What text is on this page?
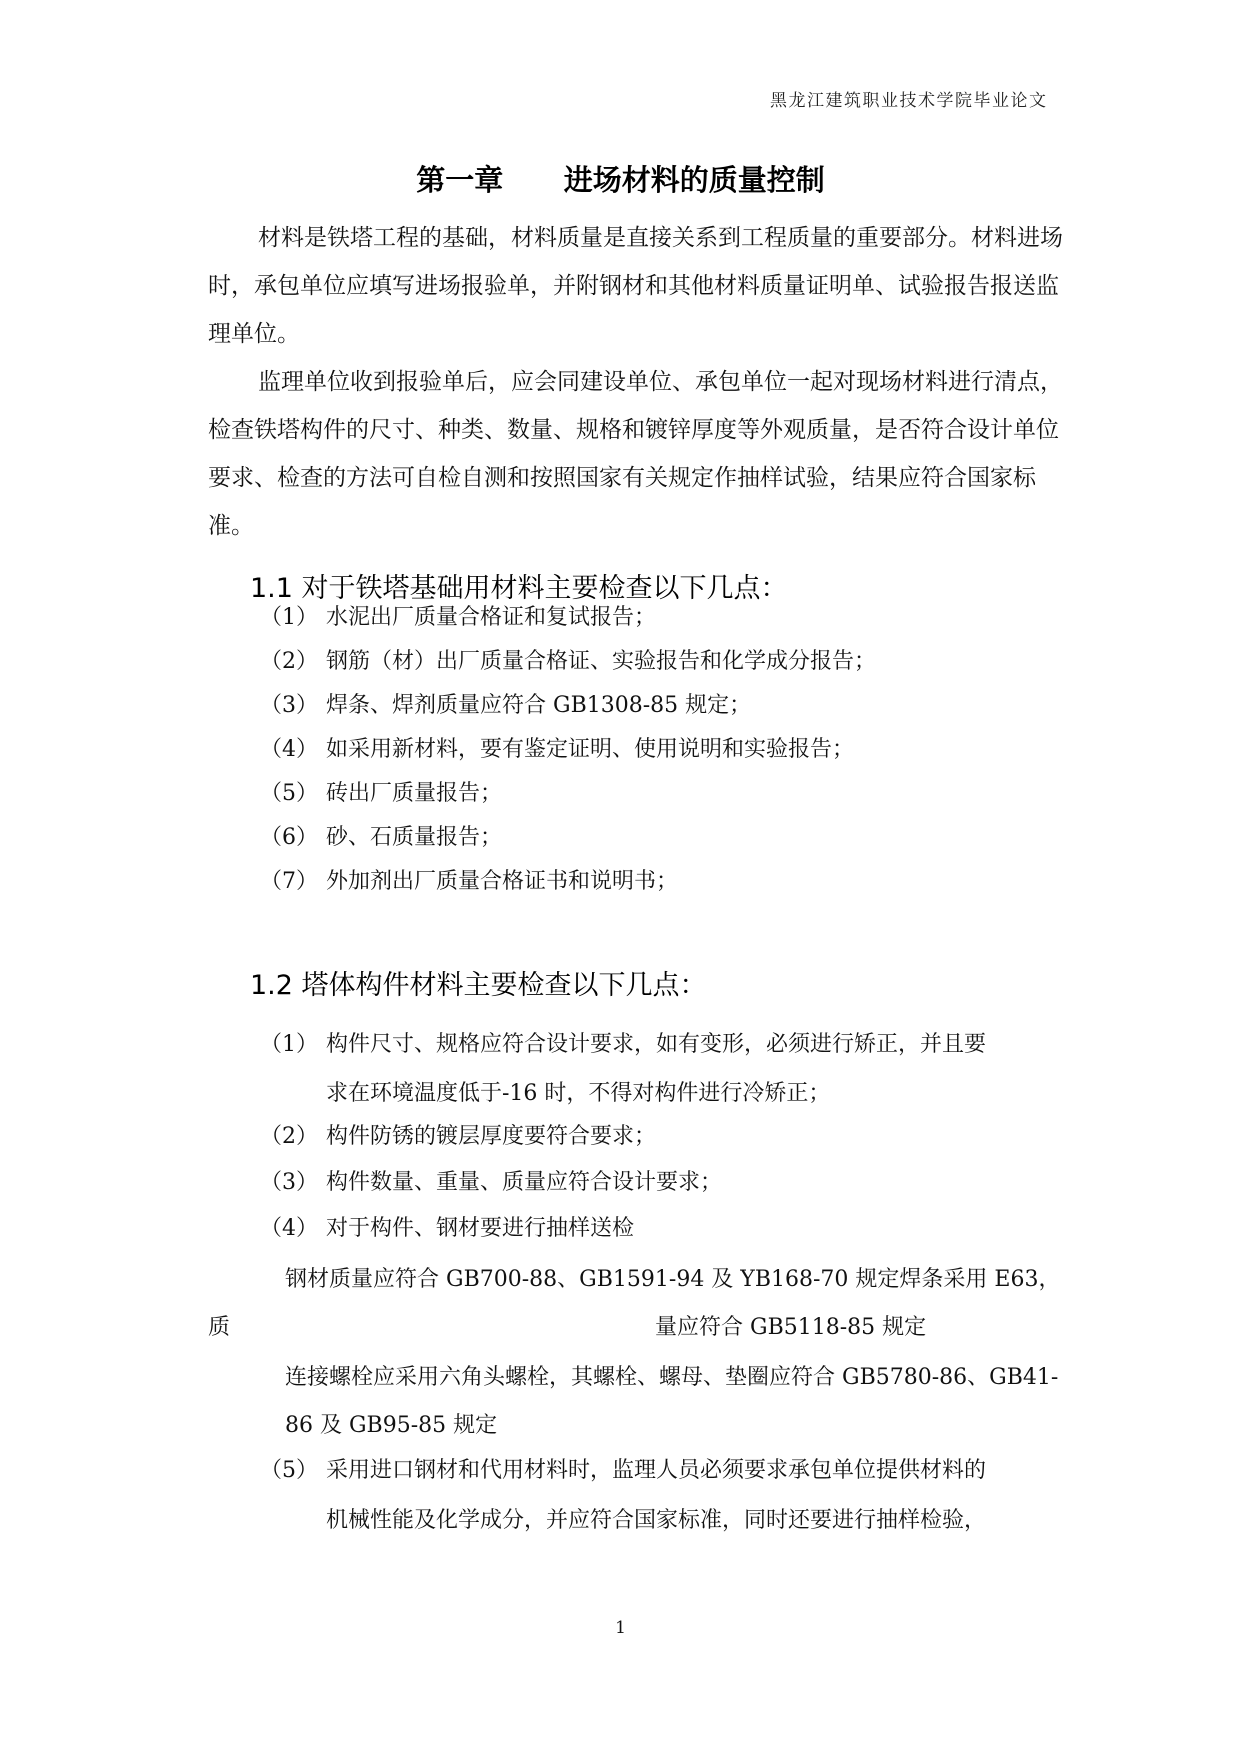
黑龙江建筑职业技术学院毕业论文
第一章 进场材料的质量控制

材料是铁塔工程的基础，材料质量是直接关系到工程质量的重要部分。材料进场时，承包单位应填写进场报验单，并附钢材和其他材料质量证明单、试验报告报送监理单位。

监理单位收到报验单后，应会同建设单位、承包单位一起对现场材料进行清点，检查铁塔构件的尺寸、种类、数量、规格和镀锌厚度等外观质量，是否符合设计单位要求、检查的方法可自检自测和按照国家有关规定作抽样试验，结果应符合国家标准。

1.1 对于铁塔基础用材料主要检查以下几点：
（1） 水泥出厂质量合格证和复试报告；
（2） 钢筋（材）出厂质量合格证、实验报告和化学成分报告；
（3） 焊条、焊剂质量应符合 GB1308-85 规定；
（4） 如采用新材料，要有鉴定证明、使用说明和实验报告；
（5） 砖出厂质量报告；
（6） 砂、石质量报告；
（7） 外加剂出厂质量合格证书和说明书；
1.2 塔体构件材料主要检查以下几点：
（1） 构件尺寸、规格应符合设计要求，如有变形，必须进行矫正，并且要
求在环境温度低于-16 时，不得对构件进行冷矫正；
（2） 构件防锈的镀层厚度要符合要求；
（3） 构件数量、重量、质量应符合设计要求；
（4） 对于构件、钢材要进行抽样送检
钢材质量应符合 GB700-88、GB1591-94 及 YB168-70 规定焊条采用 E63，
质	量应符合 GB5118-85 规定
连接螺栓应采用六角头螺栓，其螺栓、螺母、垫圈应符合 GB5780-86、GB41-
86 及 GB95-85 规定
（5） 采用进口钢材和代用材料时，监理人员必须要求承包单位提供材料的
机械性能及化学成分，并应符合国家标准，同时还要进行抽样检验，
1
